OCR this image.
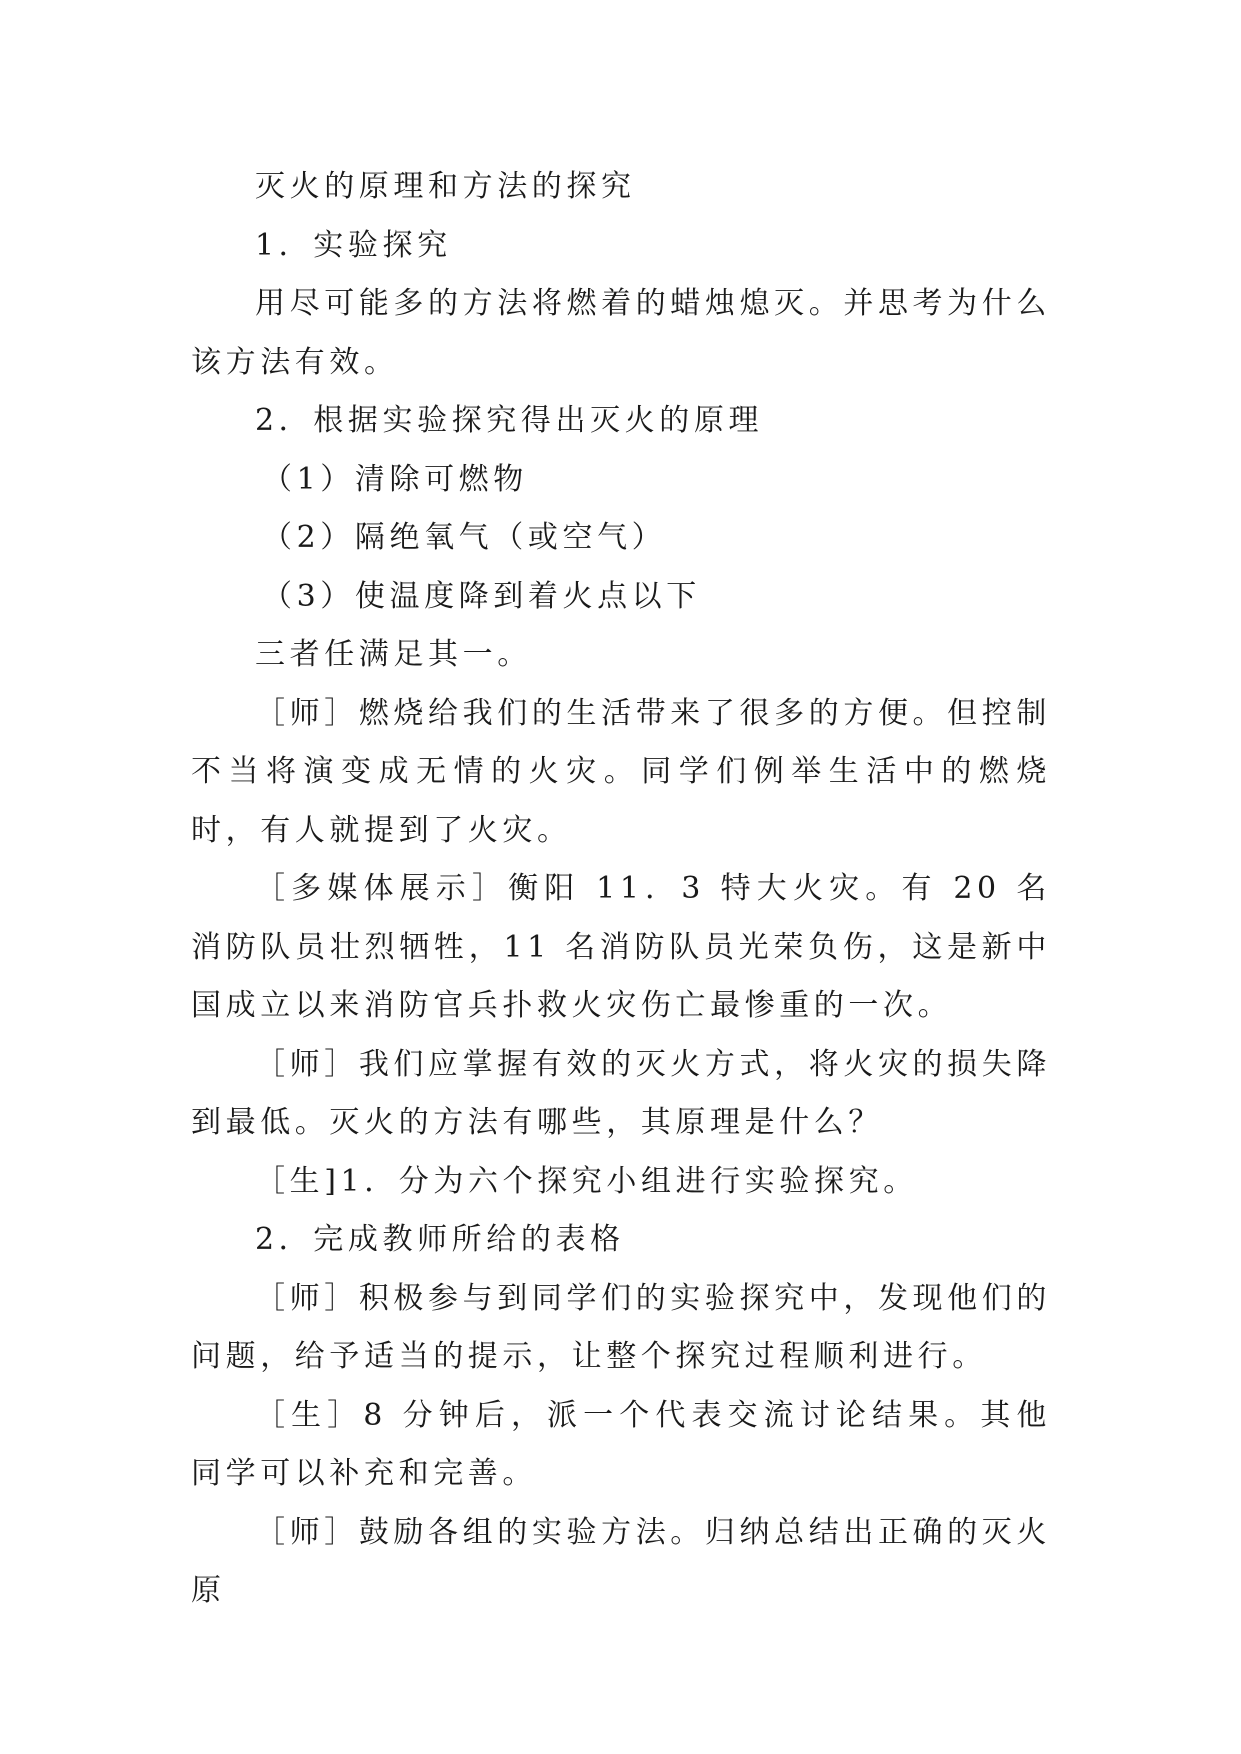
灭火的原理和方法的探究

1．实验探究

用尽可能多的方法将燃着的蜡烛熄灭。并思考为什么该方法有效。

2．根据实验探究得出灭火的原理

（1）清除可燃物

（2）隔绝氧气（或空气）

（3）使温度降到着火点以下

三者任满足其一。

［师］燃烧给我们的生活带来了很多的方便。但控制不当将演变成无情的火灾。同学们例举生活中的燃烧时，有人就提到了火灾。

［多媒体展示］衡阳 11．3 特大火灾。有 20 名消防队员壮烈牺牲，11 名消防队员光荣负伤，这是新中国成立以来消防官兵扑救火灾伤亡最惨重的一次。

［师］我们应掌握有效的灭火方式，将火灾的损失降到最低。灭火的方法有哪些，其原理是什么？

［生]1．分为六个探究小组进行实验探究。

2．完成教师所给的表格

［师］积极参与到同学们的实验探究中，发现他们的问题，给予适当的提示，让整个探究过程顺利进行。

［生］8 分钟后，派一个代表交流讨论结果。其他同学可以补充和完善。

［师］鼓励各组的实验方法。归纳总结出正确的灭火原
